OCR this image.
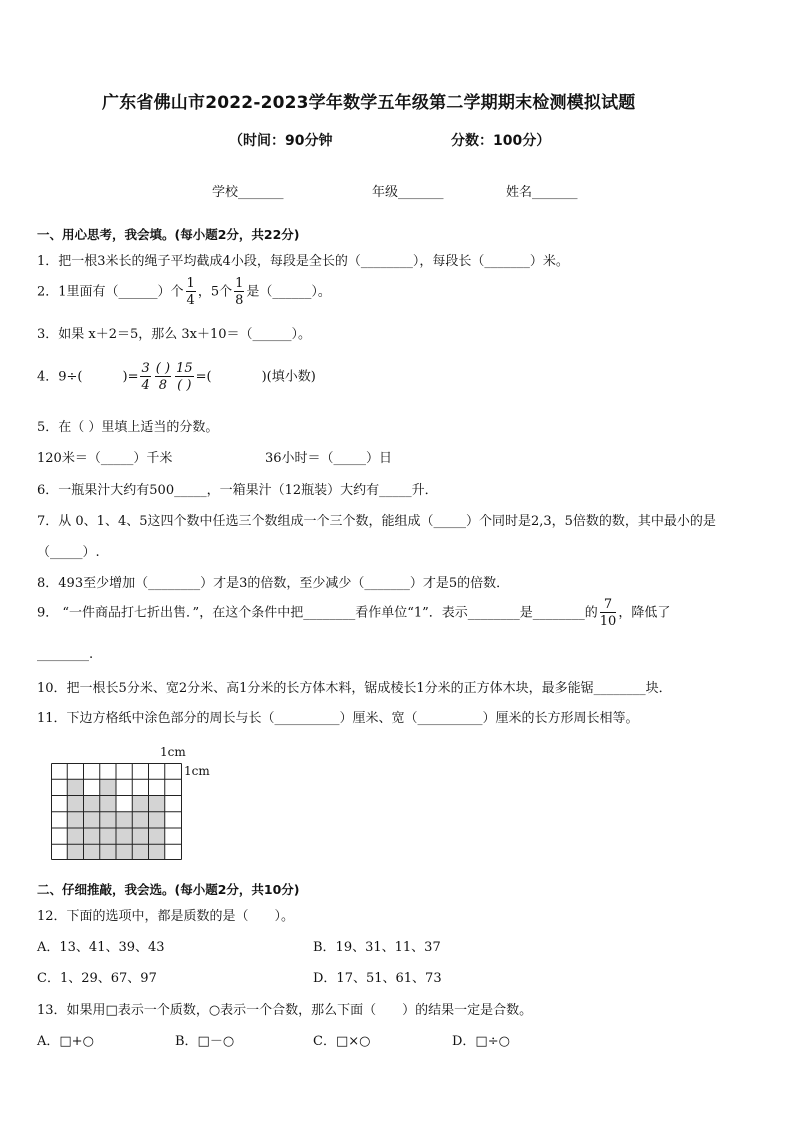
广东省佛山市2022-2023学年数学五年级第二学期期末检测模拟试题
（时间：90分钟	分数：100分）
学校_______	年级_______	姓名_______
一、用心思考，我会填。(每小题2分，共22分)
1．把一根3米长的绳子平均截成4小段，每段是全长的（________），每段长（_______）米。
2．1里面有（______）个 $\frac{1}{4}$ ，5个 $\frac{1}{8}$ 是（______）。
3．如果 x＋2＝5，那么 3x＋10＝（______）。
4．9÷(	)= $\frac{3}{4} \frac{( )}{8} \frac{15}{( )}$ =(	)(填小数)
5．在（ ）里填上适当的分数。
120米＝（_____）千米	36小时＝（_____）日
6．一瓶果汁大约有500_____，一箱果汁（12瓶装）大约有_____升．
7．从 0、1、4、5这四个数中任选三个数组成一个三个数，能组成（_____）个同时是2,3，5倍数的数，其中最小的是
（_____）.
8．493至少增加（________）才是3的倍数，至少减少（_______）才是5的倍数．
9． “一件商品打七折出售．”，在这个条件中把________看作单位“1”．表示________是________的 $\frac{7}{10}$ ，降低了
________.
10．把一根长5分米、宽2分米、高1分米的长方体木料，锯成棱长1分米的正方体木块，最多能锯________块．
11．下边方格纸中涂色部分的周长与长（__________）厘米、宽（__________）厘米的长方形周长相等。
1cm
1cm
二、仔细推敲，我会选。(每小题2分，共10分)
12．下面的选项中，都是质数的是（　　）。
A．13、41、39、43	B．19、31、11、37
C．1、29、67、97	D．17、51、61、73
13．如果用□表示一个质数，○表示一个合数，那么下面（　　）的结果一定是合数。
A．□+○	B．□－○	C．□×○	D．□÷○
